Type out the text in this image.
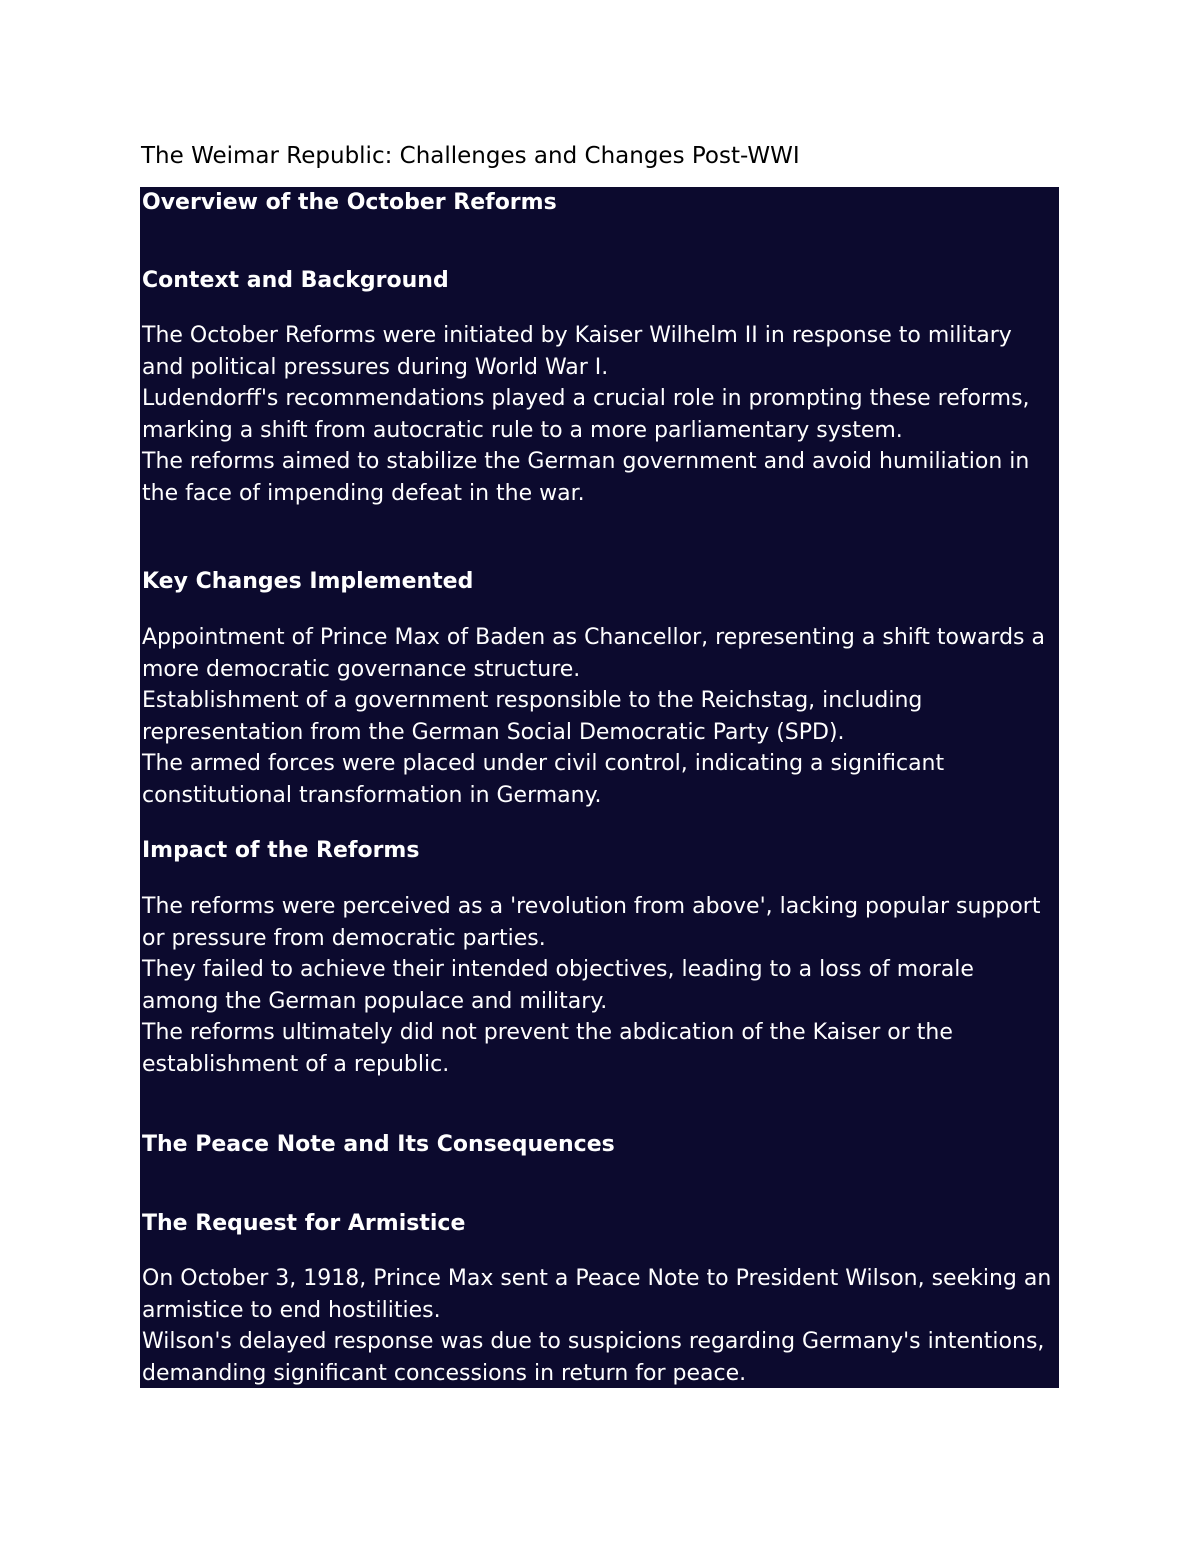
The Weimar Republic: Challenges and Changes Post-WWI
Overview of the October Reforms
Context and Background

The October Reforms were initiated by Kaiser Wilhelm II in response to military and political pressures during World War I.

Ludendorff's recommendations played a crucial role in prompting these reforms, marking a shift from autocratic rule to a more parliamentary system.

The reforms aimed to stabilize the German government and avoid humiliation in the face of impending defeat in the war.

Key Changes Implemented

Appointment of Prince Max of Baden as Chancellor, representing a shift towards a more democratic governance structure.

Establishment of a government responsible to the Reichstag, including representation from the German Social Democratic Party (SPD).

The armed forces were placed under civil control, indicating a significant constitutional transformation in Germany.

Impact of the Reforms

The reforms were perceived as a 'revolution from above', lacking popular support or pressure from democratic parties.

They failed to achieve their intended objectives, leading to a loss of morale among the German populace and military.

The reforms ultimately did not prevent the abdication of the Kaiser or the establishment of a republic.

The Peace Note and Its Consequences
The Request for Armistice

On October 3, 1918, Prince Max sent a Peace Note to President Wilson, seeking an armistice to end hostilities.

Wilson's delayed response was due to suspicions regarding Germany's intentions, demanding significant concessions in return for peace.
